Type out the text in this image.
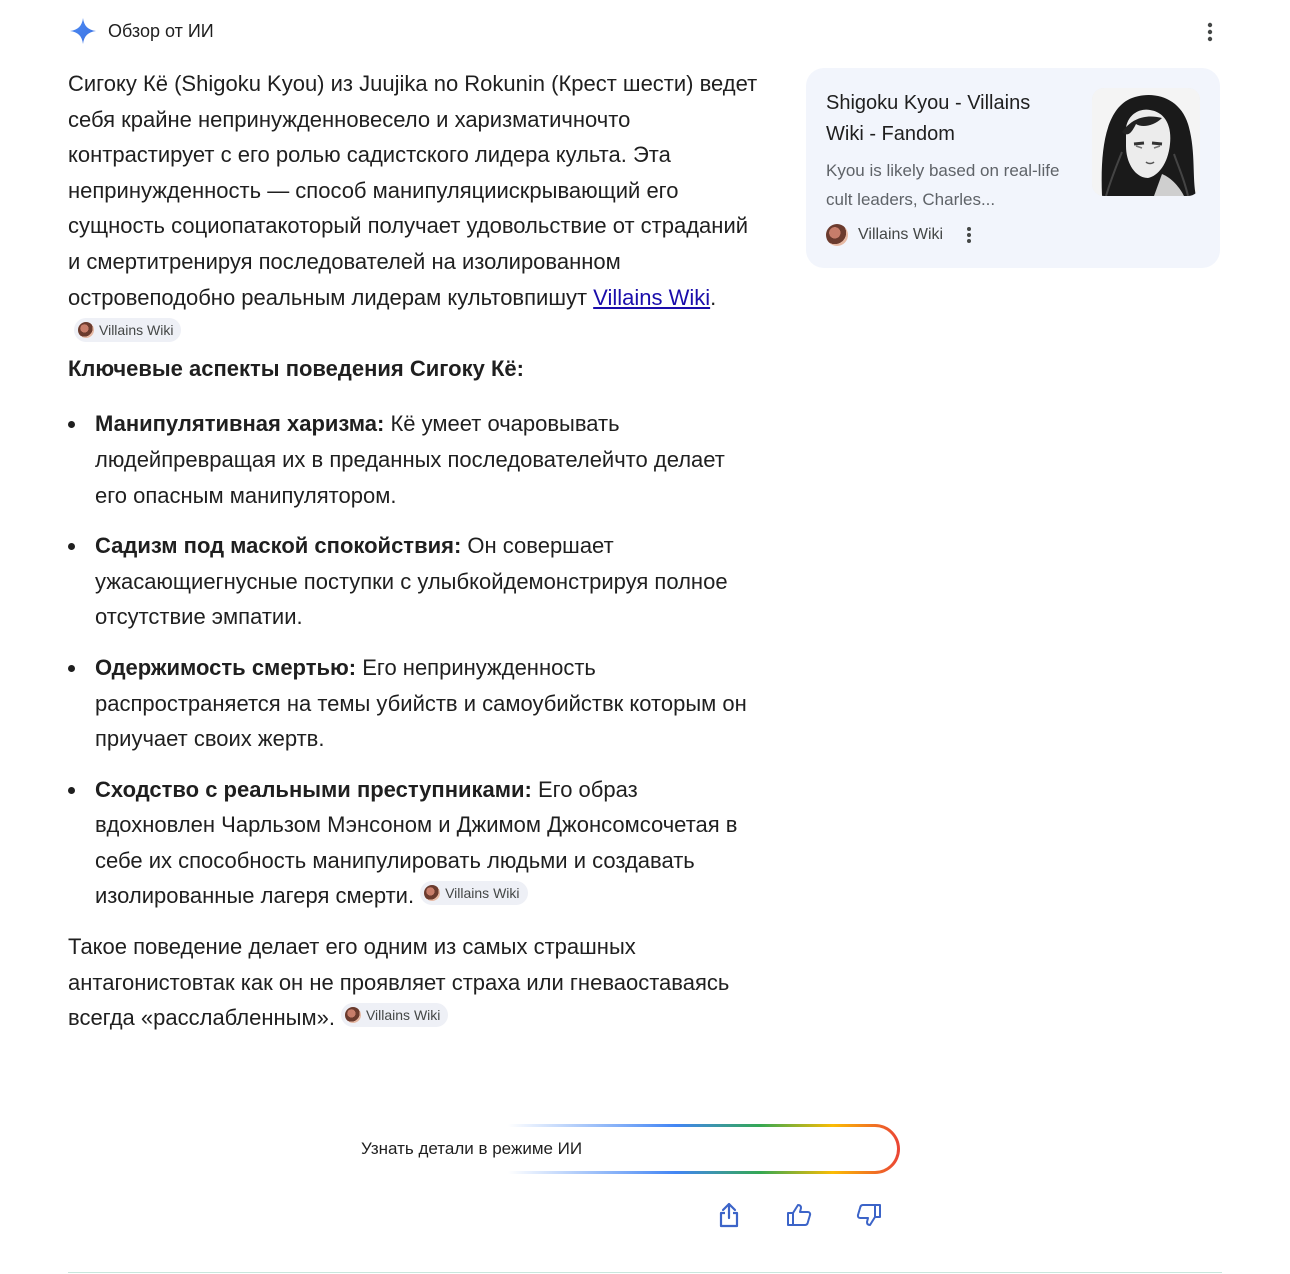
Обзор от ИИ

Сигоку Кё (Shigoku Kyou) из Juujika no Rokunin (Крест шести) ведет себя крайне непринужденновесело и харизматичночто контрастирует с его ролью садистского лидера культа. Эта непринужденность — способ манипуляциискрывающий его сущность социопатакоторый получает удовольствие от страданий и смертитренируя последователей на изолированном островеподобно реальным лидерам культовпишут Villains Wiki.
Villains Wiki

Ключевые аспекты поведения Сигоку Кё:

Манипулятивная харизма: Кё умеет очаровывать людейпревращая их в преданных последователейчто делает его опасным манипулятором.
Садизм под маской спокойствия: Он совершает ужасающиегнусные поступки с улыбкойдемонстрируя полное отсутствие эмпатии.
Одержимость смертью: Его непринужденность распространяется на темы убийств и самоубийствк которым он приучает своих жертв.
Сходство с реальными преступниками: Его образ вдохновлен Чарльзом Мэнсоном и Джимом Джонсомсочетая в себе их способность манипулировать людьми и создавать изолированные лагеря смерти. Villains Wiki

Такое поведение делает его одним из самых страшных антагонистовтак как он не проявляет страха или гневаоставаясь всегда «расслабленным». Villains Wiki

Shigoku Kyou - Villains Wiki - Fandom
Kyou is likely based on real-life cult leaders, Charles...
Villains Wiki
Узнать детали в режиме ИИ
